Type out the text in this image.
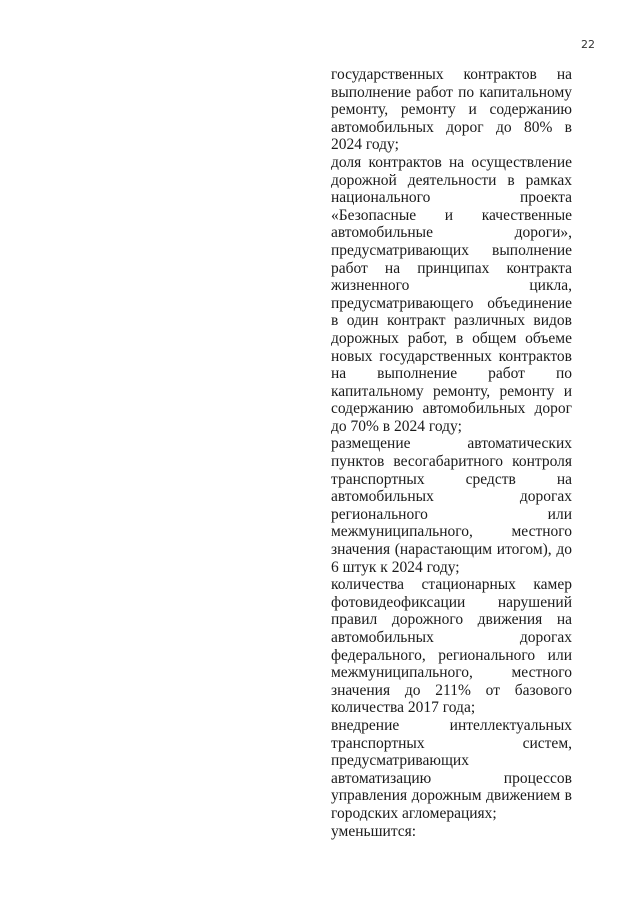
22

государственных контрактов на выполнение работ по капитальному ремонту, ремонту и содержанию автомобильных дорог до 80% в 2024 году;

доля контрактов на осуществление дорожной деятельности в рамках национального проекта «Безопасные и качественные автомобильные дороги», предусматривающих выполнение работ на принципах контракта жизненного цикла, предусматривающего объединение в один контракт различных видов дорожных работ, в общем объеме новых государственных контрактов на выполнение работ по капитальному ремонту, ремонту и содержанию автомобильных дорог до 70% в 2024 году;

размещение автоматических пунктов весогабаритного контроля транспортных средств на автомобильных дорогах регионального или межмуниципального, местного значения (нарастающим итогом), до 6 штук к 2024 году;

количества стационарных камер фотовидеофиксации нарушений правил дорожного движения на автомобильных дорогах федерального, регионального или межмуниципального, местного значения до 211% от базового количества 2017 года;

внедрение интеллектуальных транспортных систем, предусматривающих автоматизацию процессов управления дорожным движением в городских агломерациях;

уменьшится:
